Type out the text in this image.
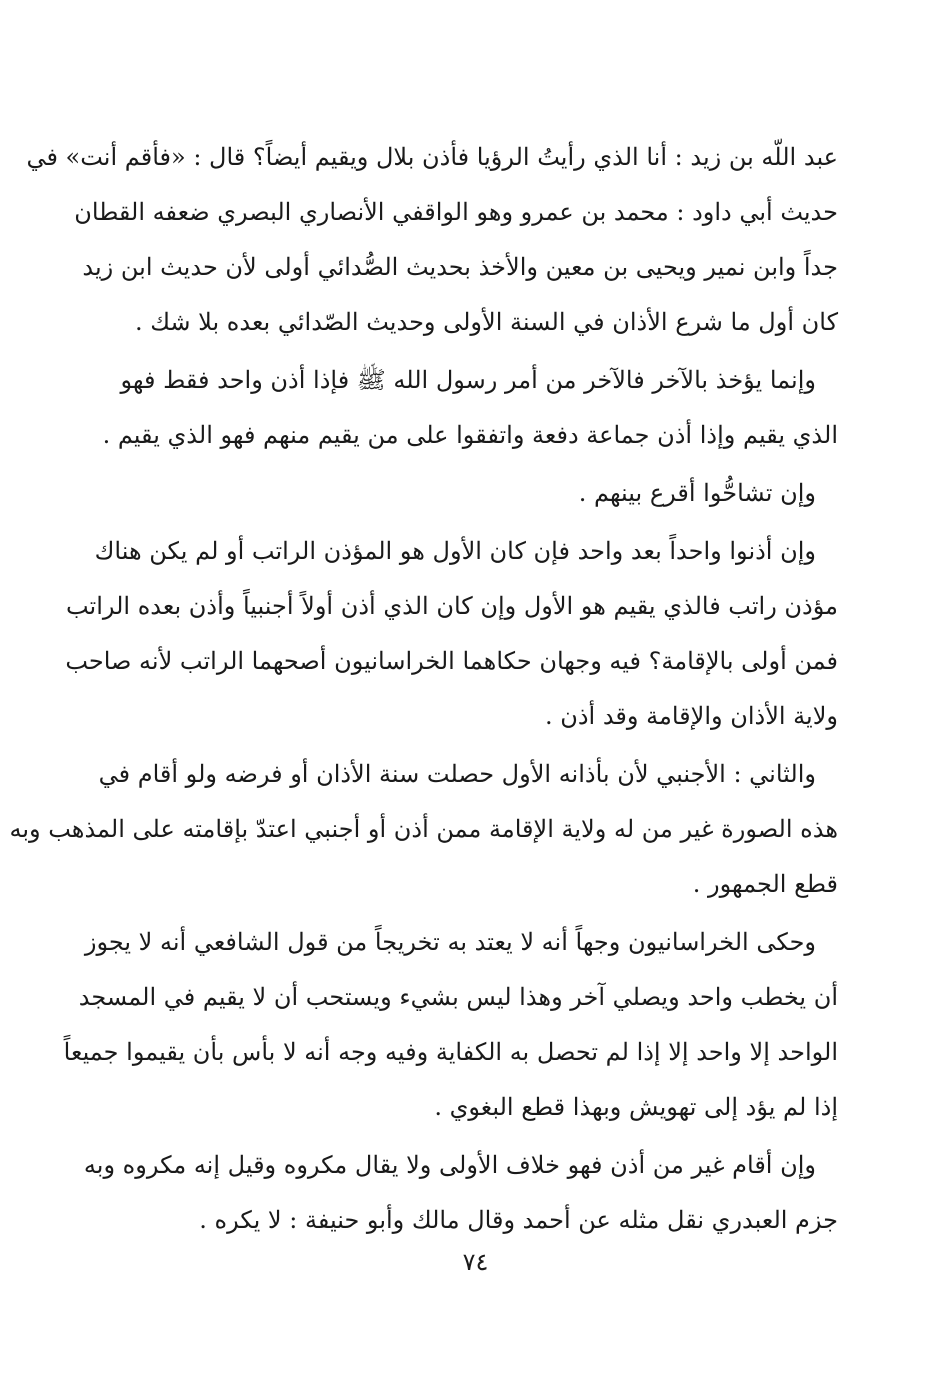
عبد اللّه بن زيد : أنا الذي رأيتُ الرؤيا فأذن بلال ويقيم أيضاً؟ قال : «فأقم أنت» في
حديث أبي داود : محمد بن عمرو وهو الواقفي الأنصاري البصري ضعفه القطان
جداً وابن نمير ويحيى بن معين والأخذ بحديث الصُّدائي أولى لأن حديث ابن زيد
كان أول ما شرع الأذان في السنة الأولى وحديث الصّدائي بعده بلا شك .
وإنما يؤخذ بالآخر فالآخر من أمر رسول الله ﷺ فإذا أذن واحد فقط فهو
الذي يقيم وإذا أذن جماعة دفعة واتفقوا على من يقيم منهم فهو الذي يقيم .
وإن تشاحُّوا أقرع بينهم .
وإن أذنوا واحداً بعد واحد فإن كان الأول هو المؤذن الراتب أو لم يكن هناك
مؤذن راتب فالذي يقيم هو الأول وإن كان الذي أذن أولاً أجنبياً وأذن بعده الراتب
فمن أولى بالإقامة؟ فيه وجهان حكاهما الخراسانيون أصحهما الراتب لأنه صاحب
ولاية الأذان والإقامة وقد أذن .
والثاني : الأجنبي لأن بأذانه الأول حصلت سنة الأذان أو فرضه ولو أقام في
هذه الصورة غير من له ولاية الإقامة ممن أذن أو أجنبي اعتدّ بإقامته على المذهب وبه
قطع الجمهور .
وحكى الخراسانيون وجهاً أنه لا يعتد به تخريجاً من قول الشافعي أنه لا يجوز
أن يخطب واحد ويصلي آخر وهذا ليس بشيء ويستحب أن لا يقيم في المسجد
الواحد إلا واحد إلا إذا لم تحصل به الكفاية وفيه وجه أنه لا بأس بأن يقيموا جميعاً
إذا لم يؤد إلى تهويش وبهذا قطع البغوي .
وإن أقام غير من أذن فهو خلاف الأولى ولا يقال مكروه وقيل إنه مكروه وبه
جزم العبدري نقل مثله عن أحمد وقال مالك وأبو حنيفة : لا يكره .
٧٤
